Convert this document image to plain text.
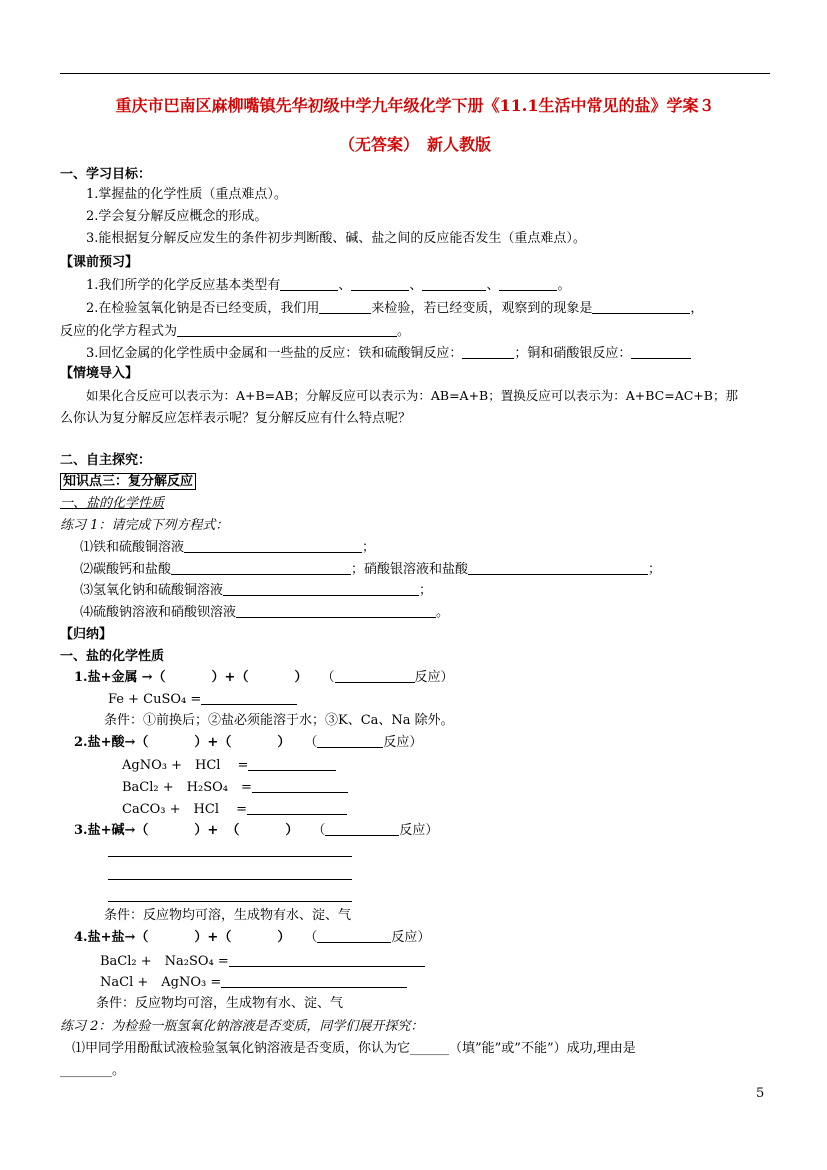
重庆市巴南区麻柳嘴镇先华初级中学九年级化学下册《11.1生活中常见的盐》学案３
（无答案）　新人教版
一、学习目标：
1.掌握盐的化学性质（重点难点）。
2.学会复分解反应概念的形成。
3.能根据复分解反应发生的条件初步判断酸、碱、盐之间的反应能否发生（重点难点）。
【课前预习】
1.我们所学的化学反应基本类型有	、	、	、	。
2.在检验氢氧化钠是否已经变质，我们用	来检验，若已经变质，观察到的现象是	，
反应的化学方程式为	。
3.回忆金属的化学性质中金属和一些盐的反应：铁和硫酸铜反应：	；铜和硝酸银反应：
【情境导入】
如果化合反应可以表示为：A+B=AB；分解反应可以表示为：AB=A+B；置换反应可以表示为：A+BC=AC+B；那
么你认为复分解反应怎样表示呢？复分解反应有什么特点呢？
二、自主探究：
知识点三：复分解反应
一、盐的化学性质
练习 1：请完成下列方程式：
⑴铁和硫酸铜溶液	；
⑵碳酸钙和盐酸	；硝酸银溶液和盐酸	；
⑶氢氧化钠和硫酸铜溶液	；
⑷硫酸钠溶液和硝酸钡溶液	。
【归纳】
一、盐的化学性质
1.盐+金属 →（	）+（	） （	反应）
Fe + CuSO₄ =
条件：①前换后；②盐必须能溶于水；③K、Ca、Na 除外。
2.盐+酸→（	）+（	） （	反应）
AgNO₃ +　HCl　 =
BaCl₂ +　H₂SO₄　=
CaCO₃ +　HCl　 =
3.盐+碱→（	）+ （	） （	反应）
条件：反应物均可溶，生成物有水、淀、气
4.盐+盐→（	）+（	） （	反应）
BaCl₂ +　Na₂SO₄ =
NaCl +　AgNO₃ =
条件：反应物均可溶，生成物有水、淀、气
练习 2：为检验一瓶氢氧化钠溶液是否变质，同学们展开探究：
⑴甲同学用酚酞试液检验氢氧化钠溶液是否变质，你认为它______（填”能”或”不能”）成功,理由是
________。
5
